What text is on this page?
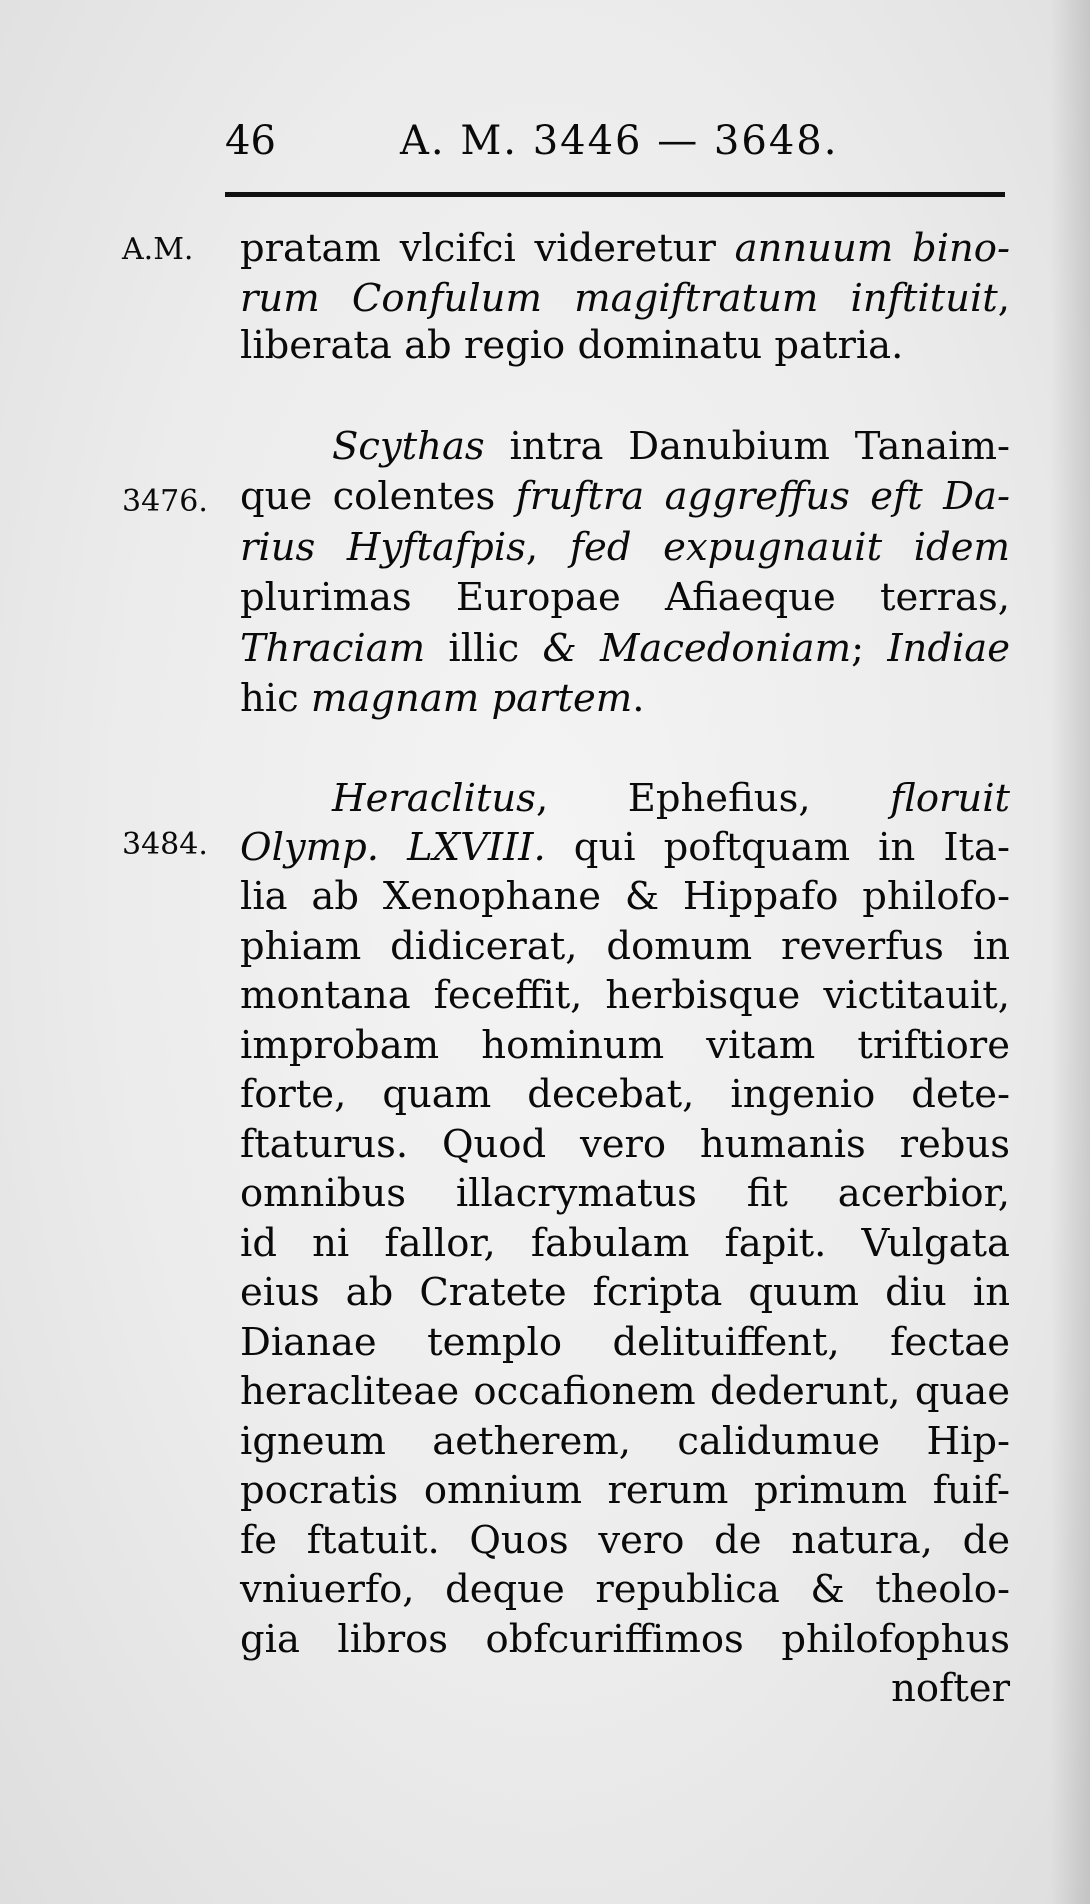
46	A. M. 3446 — 3648.
A.M.
3476.
3484.
pratam vlcifci videretur annuum bino-
rum Confulum magiftratum inftituit,
liberata ab regio dominatu patria.
Scythas intra Danubium Tanaim-
que colentes fruftra aggreffus eft Da-
rius Hyftafpis, fed expugnauit idem
plurimas Europae Afiaeque terras,
Thraciam illic & Macedoniam; Indiae
hic magnam partem.
Heraclitus, Ephefius, floruit
Olymp. LXVIII. qui poftquam in Ita-
lia ab Xenophane & Hippafo philofo-
phiam didicerat, domum reverfus in
montana feceffit, herbisque victitauit,
improbam hominum vitam triftiore
forte, quam decebat, ingenio dete-
ftaturus. Quod vero humanis rebus
omnibus illacrymatus fit acerbior,
id ni fallor, fabulam fapit. Vulgata
eius ab Cratete fcripta quum diu in
Dianae templo delituiffent, fectae
heracliteae occafionem dederunt, quae
igneum aetherem, calidumue Hip-
pocratis omnium rerum primum fuif-
fe ftatuit. Quos vero de natura, de
vniuerfo, deque republica & theolo-
gia libros obfcuriffimos philofophus
nofter
